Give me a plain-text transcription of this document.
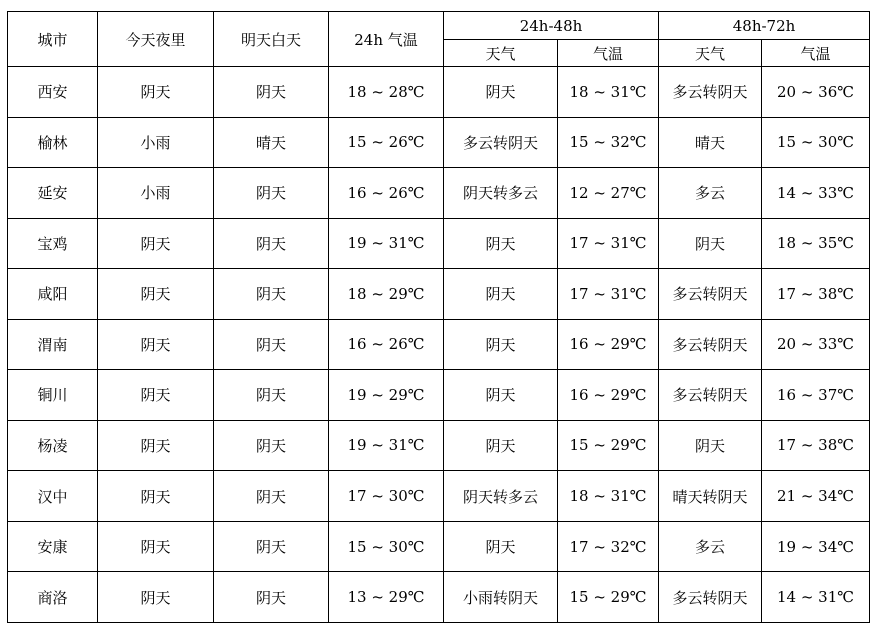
城市	今天夜里	明天白天	24h 气温	24h-48h		48h-72h	
				天气	气温	天气	气温
西安	阴天	阴天	18 ~ 28℃	阴天	18 ~ 31℃	多云转阴天	20 ~ 36℃
榆林	小雨	晴天	15 ~ 26℃	多云转阴天	15 ~ 32℃	晴天	15 ~ 30℃
延安	小雨	阴天	16 ~ 26℃	阴天转多云	12 ~ 27℃	多云	14 ~ 33℃
宝鸡	阴天	阴天	19 ~ 31℃	阴天	17 ~ 31℃	阴天	18 ~ 35℃
咸阳	阴天	阴天	18 ~ 29℃	阴天	17 ~ 31℃	多云转阴天	17 ~ 38℃
渭南	阴天	阴天	16 ~ 26℃	阴天	16 ~ 29℃	多云转阴天	20 ~ 33℃
铜川	阴天	阴天	19 ~ 29℃	阴天	16 ~ 29℃	多云转阴天	16 ~ 37℃
杨凌	阴天	阴天	19 ~ 31℃	阴天	15 ~ 29℃	阴天	17 ~ 38℃
汉中	阴天	阴天	17 ~ 30℃	阴天转多云	18 ~ 31℃	晴天转阴天	21 ~ 34℃
安康	阴天	阴天	15 ~ 30℃	阴天	17 ~ 32℃	多云	19 ~ 34℃
商洛	阴天	阴天	13 ~ 29℃	小雨转阴天	15 ~ 29℃	多云转阴天	14 ~ 31℃
